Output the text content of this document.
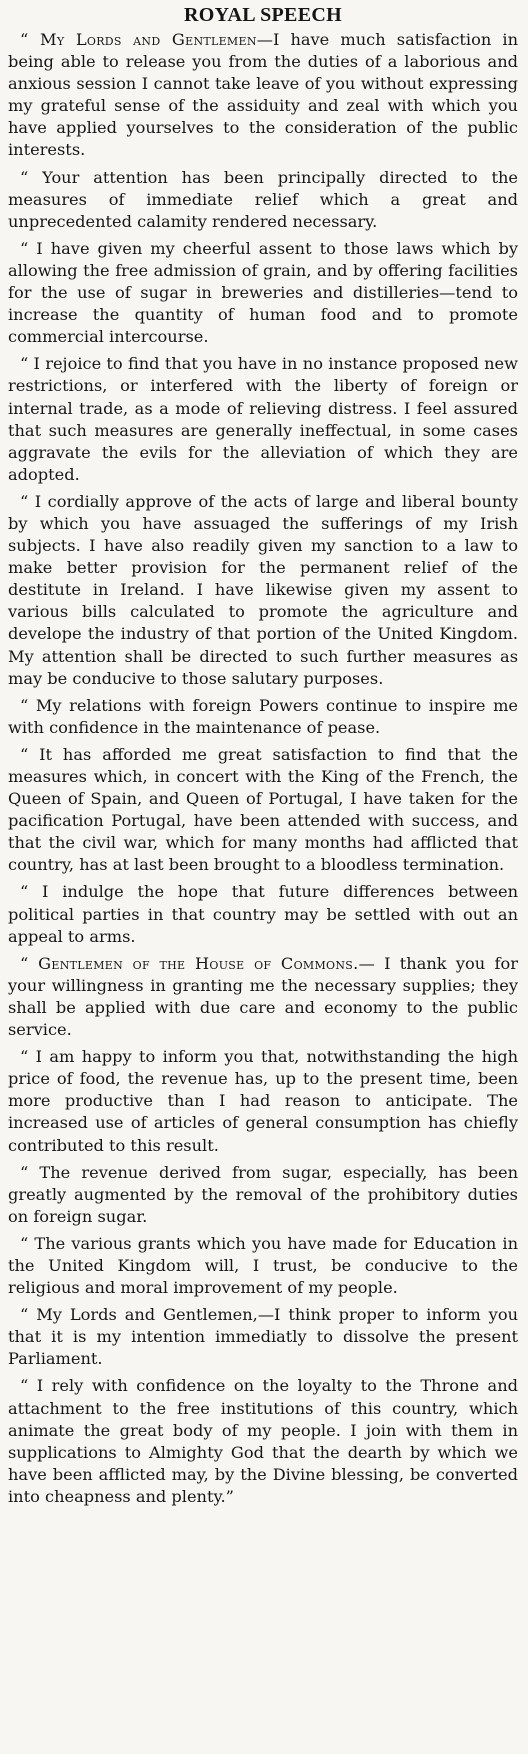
ROYAL SPEECH

“ My Lords and Gentlemen—I have much satisfaction in being able to release you from the duties of a laborious and anxious session I cannot take leave of you without expressing my grateful sense of the assiduity and zeal with which you have applied yourselves to the consideration of the public interests.

“ Your attention has been principally directed to the measures of immediate relief which a great and unprecedented calamity rendered necessary.

“ I have given my cheerful assent to those laws which by allowing the free admission of grain, and by offering facilities for the use of sugar in breweries and distilleries—tend to increase the quantity of human food and to promote commercial intercourse.

“ I rejoice to find that you have in no instance proposed new restrictions, or interfered with the liberty of foreign or internal trade, as a mode of relieving distress. I feel assured that such measures are generally ineffectual, in some cases aggravate the evils for the alleviation of which they are adopted.

“ I cordially approve of the acts of large and liberal bounty by which you have assuaged the sufferings of my Irish subjects. I have also readily given my sanction to a law to make better provision for the permanent relief of the destitute in Ireland. I have likewise given my assent to various bills calculated to promote the agriculture and develope the industry of that portion of the United Kingdom. My attention shall be directed to such further measures as may be conducive to those salutary purposes.

“ My relations with foreign Powers continue to inspire me with confidence in the maintenance of pease.

“ It has afforded me great satisfaction to find that the measures which, in concert with the King of the French, the Queen of Spain, and Queen of Portugal, I have taken for the pacification Portugal, have been attended with success, and that the civil war, which for many months had afflicted that country, has at last been brought to a bloodless termination.

“ I indulge the hope that future differences between political parties in that country may be settled with out an appeal to arms.

“ Gentlemen of the House of Commons.— I thank you for your willingness in granting me the necessary supplies; they shall be applied with due care and economy to the public service.

“ I am happy to inform you that, notwithstanding the high price of food, the revenue has, up to the present time, been more productive than I had reason to anticipate. The increased use of articles of general consumption has chiefly contributed to this result.

“ The revenue derived from sugar, especially, has been greatly augmented by the removal of the prohibitory duties on foreign sugar.

“ The various grants which you have made for Education in the United Kingdom will, I trust, be conducive to the religious and moral improvement of my people.

“ My Lords and Gentlemen,—I think proper to inform you that it is my intention immediatly to dissolve the present Parliament.

“ I rely with confidence on the loyalty to the Throne and attachment to the free institutions of this country, which animate the great body of my people. I join with them in supplications to Almighty God that the dearth by which we have been afflicted may, by the Divine blessing, be converted into cheapness and plenty.”
